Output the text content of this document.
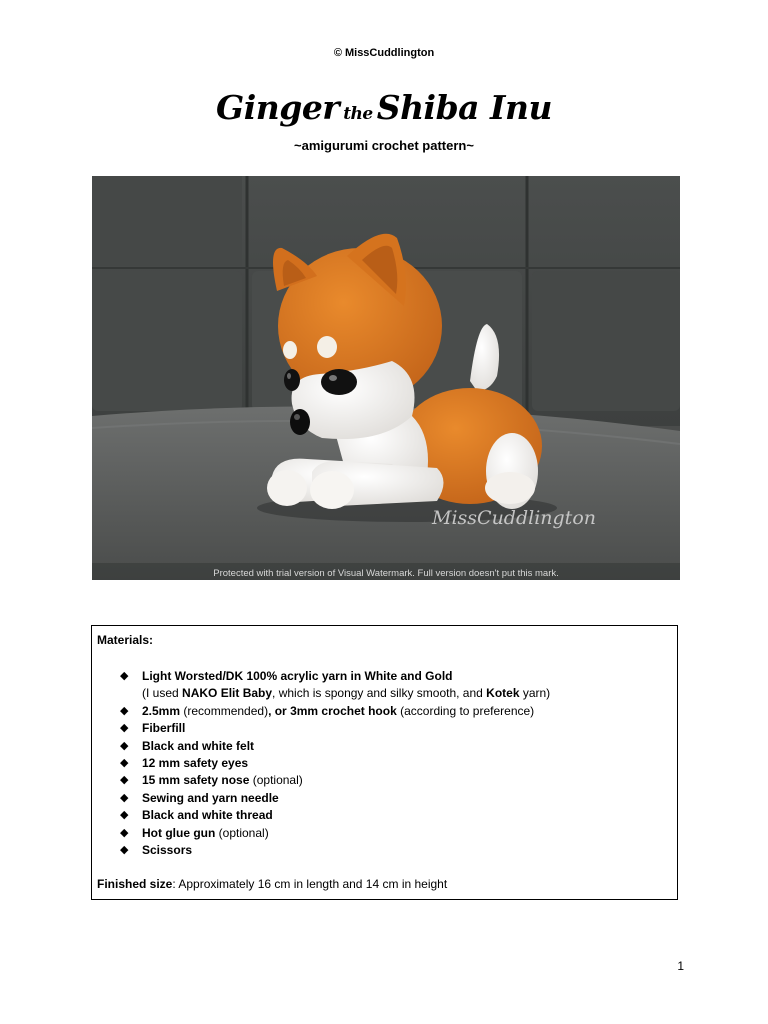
© MissCuddlington
Ginger the Shiba Inu
~amigurumi crochet pattern~
MissCuddlington
Protected with trial version of Visual Watermark. Full version doesn't put this mark.
Materials:
◆	Light Worsted/DK 100% acrylic yarn in White and Gold
(I used NAKO Elit Baby, which is spongy and silky smooth, and Kotek yarn)
◆	2.5mm (recommended), or 3mm crochet hook (according to preference)
◆	Fiberfill
◆	Black and white felt
◆	12 mm safety eyes
◆	15 mm safety nose (optional)
◆	Sewing and yarn needle
◆	Black and white thread
◆	Hot glue gun (optional)
◆	Scissors
Finished size: Approximately 16 cm in length and 14 cm in height
1
